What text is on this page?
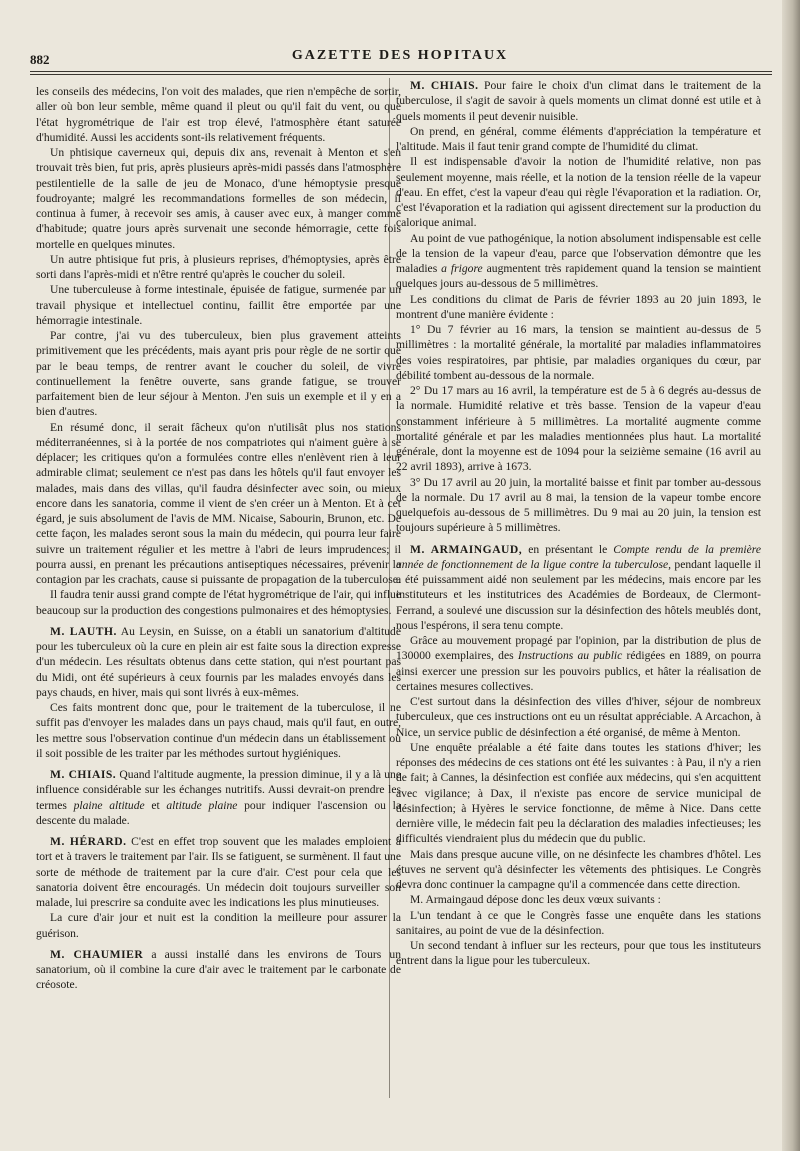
882	GAZETTE DES HOPITAUX

les conseils des médecins, l'on voit des malades, que rien n'empêche de sortir, aller où bon leur semble, même quand il pleut ou qu'il fait du vent, ou que l'état hygrométrique de l'air est trop élevé, l'atmosphère étant saturée d'humidité. Aussi les accidents sont-ils relativement fréquents.

Un phtisique caverneux qui, depuis dix ans, revenait à Menton et s'en trouvait très bien, fut pris, après plusieurs après-midi passés dans l'atmosphère pestilentielle de la salle de jeu de Monaco, d'une hémoptysie presque foudroyante; malgré les recommandations formelles de son médecin, il continua à fumer, à recevoir ses amis, à causer avec eux, à manger comme d'habitude; quatre jours après survenait une seconde hémorragie, cette fois mortelle en quelques minutes.

Un autre phtisique fut pris, à plusieurs reprises, d'hémoptysies, après être sorti dans l'après-midi et n'être rentré qu'après le coucher du soleil.

Une tuberculeuse à forme intestinale, épuisée de fatigue, surmenée par un travail physique et intellectuel continu, faillit être emportée par une hémorragie intestinale.

Par contre, j'ai vu des tuberculeux, bien plus gravement atteints primitivement que les précédents, mais ayant pris pour règle de ne sortir que par le beau temps, de rentrer avant le coucher du soleil, de vivre continuellement la fenêtre ouverte, sans grande fatigue, se trouver parfaitement bien de leur séjour à Menton. J'en suis un exemple et il y en a bien d'autres.

En résumé donc, il serait fâcheux qu'on n'utilisât plus nos stations méditerranéennes, si à la portée de nos compatriotes qui n'aiment guère à se déplacer; les critiques qu'on a formulées contre elles n'enlèvent rien à leur admirable climat; seulement ce n'est pas dans les hôtels qu'il faut envoyer les malades, mais dans des villas, qu'il faudra désinfecter avec soin, ou mieux encore dans les sanatoria, comme il vient de s'en créer un à Menton. Et à cet égard, je suis absolument de l'avis de MM. Nicaise, Sabourin, Brunon, etc. De cette façon, les malades seront sous la main du médecin, qui pourra leur faire suivre un traitement régulier et les mettre à l'abri de leurs imprudences; il pourra aussi, en prenant les précautions antiseptiques nécessaires, prévenir la contagion par les crachats, cause si puissante de propagation de la tuberculose.

Il faudra tenir aussi grand compte de l'état hygrométrique de l'air, qui influe beaucoup sur la production des congestions pulmonaires et des hémoptysies.

M. LAUTH. Au Leysin, en Suisse, on a établi un sanatorium d'altitude pour les tuberculeux où la cure en plein air est faite sous la direction expresse d'un médecin. Les résultats obtenus dans cette station, qui n'est pourtant pas du Midi, ont été supérieurs à ceux fournis par les malades envoyés dans les pays chauds, en hiver, mais qui sont livrés à eux-mêmes.

Ces faits montrent donc que, pour le traitement de la tuberculose, il ne suffit pas d'envoyer les malades dans un pays chaud, mais qu'il faut, en outre, les mettre sous l'observation continue d'un médecin dans un établissement où il soit possible de les traiter par les méthodes surtout hygiéniques.

M. CHIAIS. Quand l'altitude augmente, la pression diminue, il y a là une influence considérable sur les échanges nutritifs. Aussi devrait-on prendre les termes plaine altitude et altitude plaine pour indiquer l'ascension ou la descente du malade.

M. HÉRARD. C'est en effet trop souvent que les malades emploient à tort et à travers le traitement par l'air. Ils se fatiguent, se surmènent. Il faut une sorte de méthode de traitement par la cure d'air. C'est pour cela que les sanatoria doivent être encouragés. Un médecin doit toujours surveiller son malade, lui prescrire sa conduite avec les indications les plus minutieuses.

La cure d'air jour et nuit est la condition la meilleure pour assurer la guérison.

M. CHAUMIER a aussi installé dans les environs de Tours un sanatorium, où il combine la cure d'air avec le traitement par le carbonate de créosote.

M. CHIAIS. Pour faire le choix d'un climat dans le traitement de la tuberculose, il s'agit de savoir à quels moments un climat donné est utile et à quels moments il peut devenir nuisible.

On prend, en général, comme éléments d'appréciation la température et l'altitude. Mais il faut tenir grand compte de l'humidité du climat.

Il est indispensable d'avoir la notion de l'humidité relative, non pas seulement moyenne, mais réelle, et la notion de la tension réelle de la vapeur d'eau. En effet, c'est la vapeur d'eau qui règle l'évaporation et la radiation. Or, c'est l'évaporation et la radiation qui agissent directement sur la production du calorique animal.

Au point de vue pathogénique, la notion absolument indispensable est celle de la tension de la vapeur d'eau, parce que l'observation démontre que les maladies a frigore augmentent très rapidement quand la tension se maintient quelques jours au-dessous de 5 millimètres.

Les conditions du climat de Paris de février 1893 au 20 juin 1893, le montrent d'une manière évidente :

1° Du 7 février au 16 mars, la tension se maintient au-dessus de 5 millimètres : la mortalité générale, la mortalité par maladies inflammatoires des voies respiratoires, par phtisie, par maladies organiques du cœur, par débilité tombent au-dessous de la normale.

2° Du 17 mars au 16 avril, la température est de 5 à 6 degrés au-dessus de la normale. Humidité relative et très basse. Tension de la vapeur d'eau constamment inférieure à 5 millimètres. La mortalité augmente comme mortalité générale et par les maladies mentionnées plus haut. La mortalité générale, dont la moyenne est de 1094 pour la seizième semaine (16 avril au 22 avril 1893), arrive à 1673.

3° Du 17 avril au 20 juin, la mortalité baisse et finit par tomber au-dessous de la normale. Du 17 avril au 8 mai, la tension de la vapeur tombe encore quelquefois au-dessous de 5 millimètres. Du 9 mai au 20 juin, la tension est toujours supérieure à 5 millimètres.

M. ARMAINGAUD, en présentant le Compte rendu de la première année de fonctionnement de la ligue contre la tuberculose, pendant laquelle il a été puissamment aidé non seulement par les médecins, mais encore par les instituteurs et les institutrices des Académies de Bordeaux, de Clermont-Ferrand, a soulevé une discussion sur la désinfection des hôtels meublés dont, nous l'espérons, il sera tenu compte.

Grâce au mouvement propagé par l'opinion, par la distribution de plus de 130000 exemplaires, des Instructions au public rédigées en 1889, on pourra ainsi exercer une pression sur les pouvoirs publics, et hâter la réalisation de certaines mesures collectives.

C'est surtout dans la désinfection des villes d'hiver, séjour de nombreux tuberculeux, que ces instructions ont eu un résultat appréciable. A Arcachon, à Nice, un service public de désinfection a été organisé, de même à Menton.

Une enquête préalable a été faite dans toutes les stations d'hiver; les réponses des médecins de ces stations ont été les suivantes : à Pau, il n'y a rien de fait; à Cannes, la désinfection est confiée aux médecins, qui s'en acquittent avec vigilance; à Dax, il n'existe pas encore de service municipal de désinfection; à Hyères le service fonctionne, de même à Nice. Dans cette dernière ville, le médecin fait peu la déclaration des maladies infectieuses; les difficultés viendraient plus du médecin que du public.

Mais dans presque aucune ville, on ne désinfecte les chambres d'hôtel. Les étuves ne servent qu'à désinfecter les vêtements des phtisiques. Le Congrès devra donc continuer la campagne qu'il a commencée dans cette direction.

M. Armaingaud dépose donc les deux vœux suivants :

L'un tendant à ce que le Congrès fasse une enquête dans les stations sanitaires, au point de vue de la désinfection.

Un second tendant à influer sur les recteurs, pour que tous les instituteurs entrent dans la ligue pour les tuberculeux.
